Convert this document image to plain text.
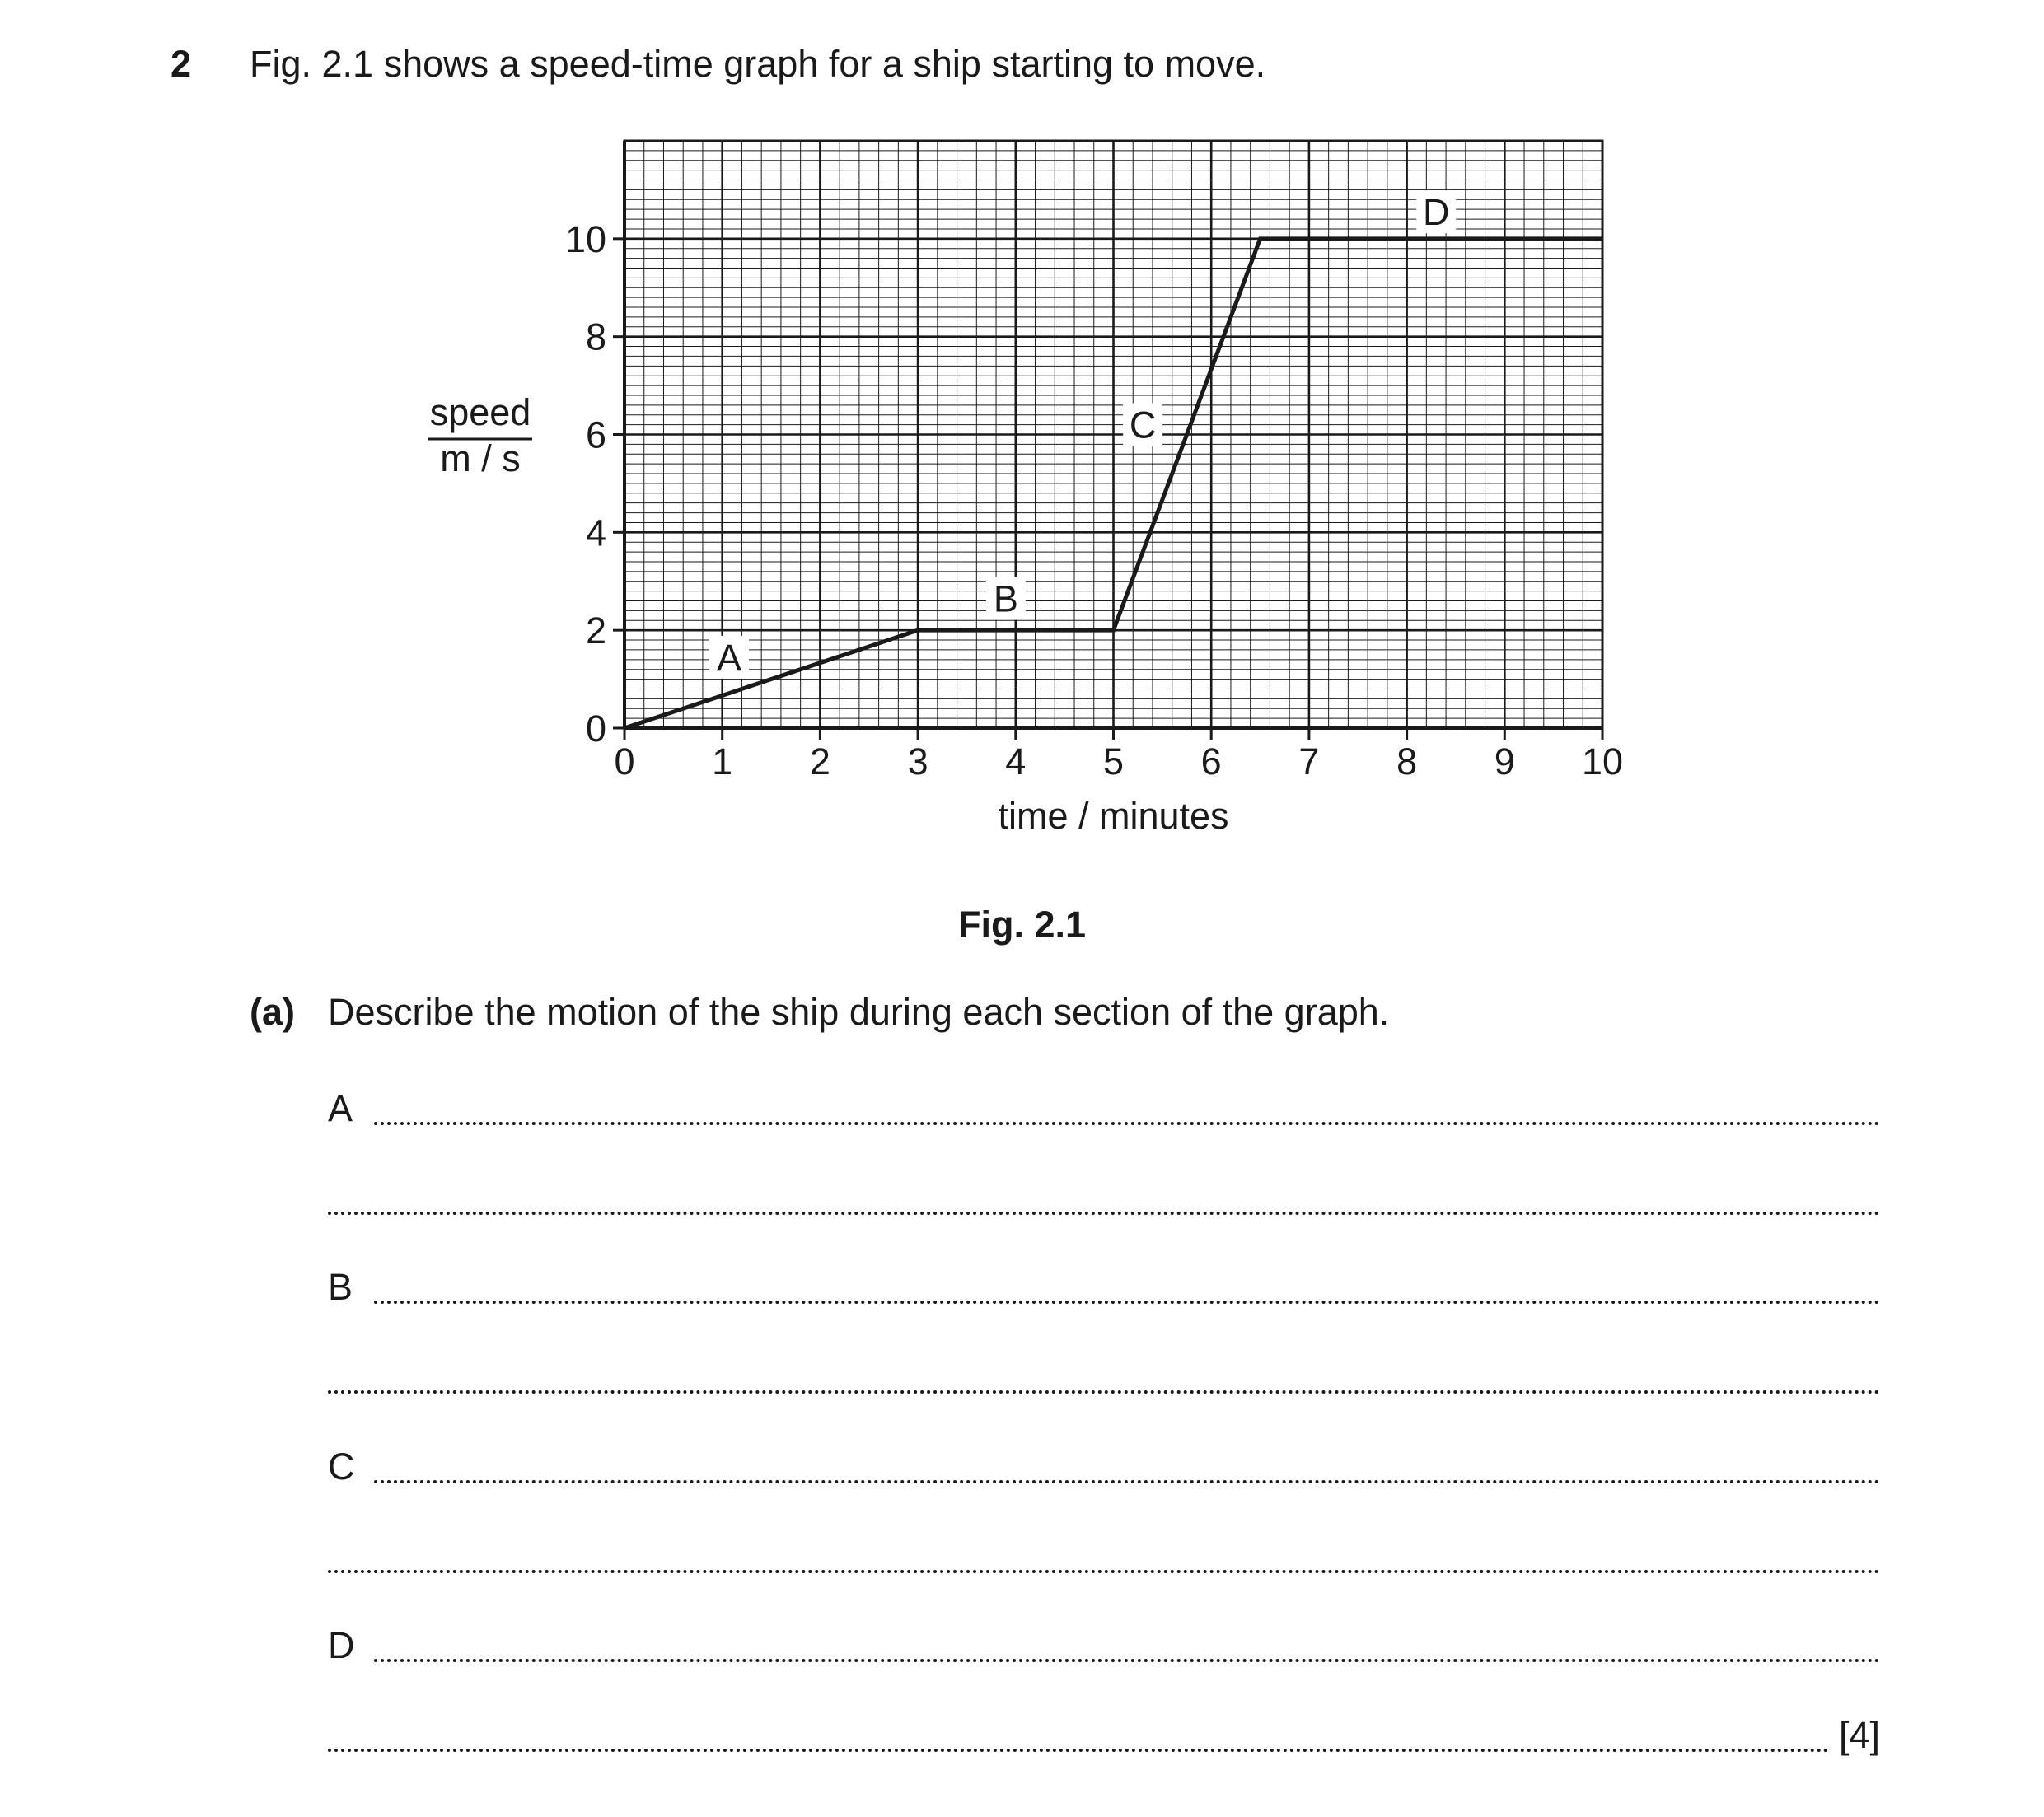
2 Fig. 2.1 shows a speed-time graph for a ship starting to move.
0 1 2 3 4 5 6 7 8 9 10
0
2
4
6
8
10
time / minutes
speed
m / s
A
B
C
D
Fig. 2.1
(a) Describe the motion of the ship during each section of the graph.
A
B
C
D
[4]
